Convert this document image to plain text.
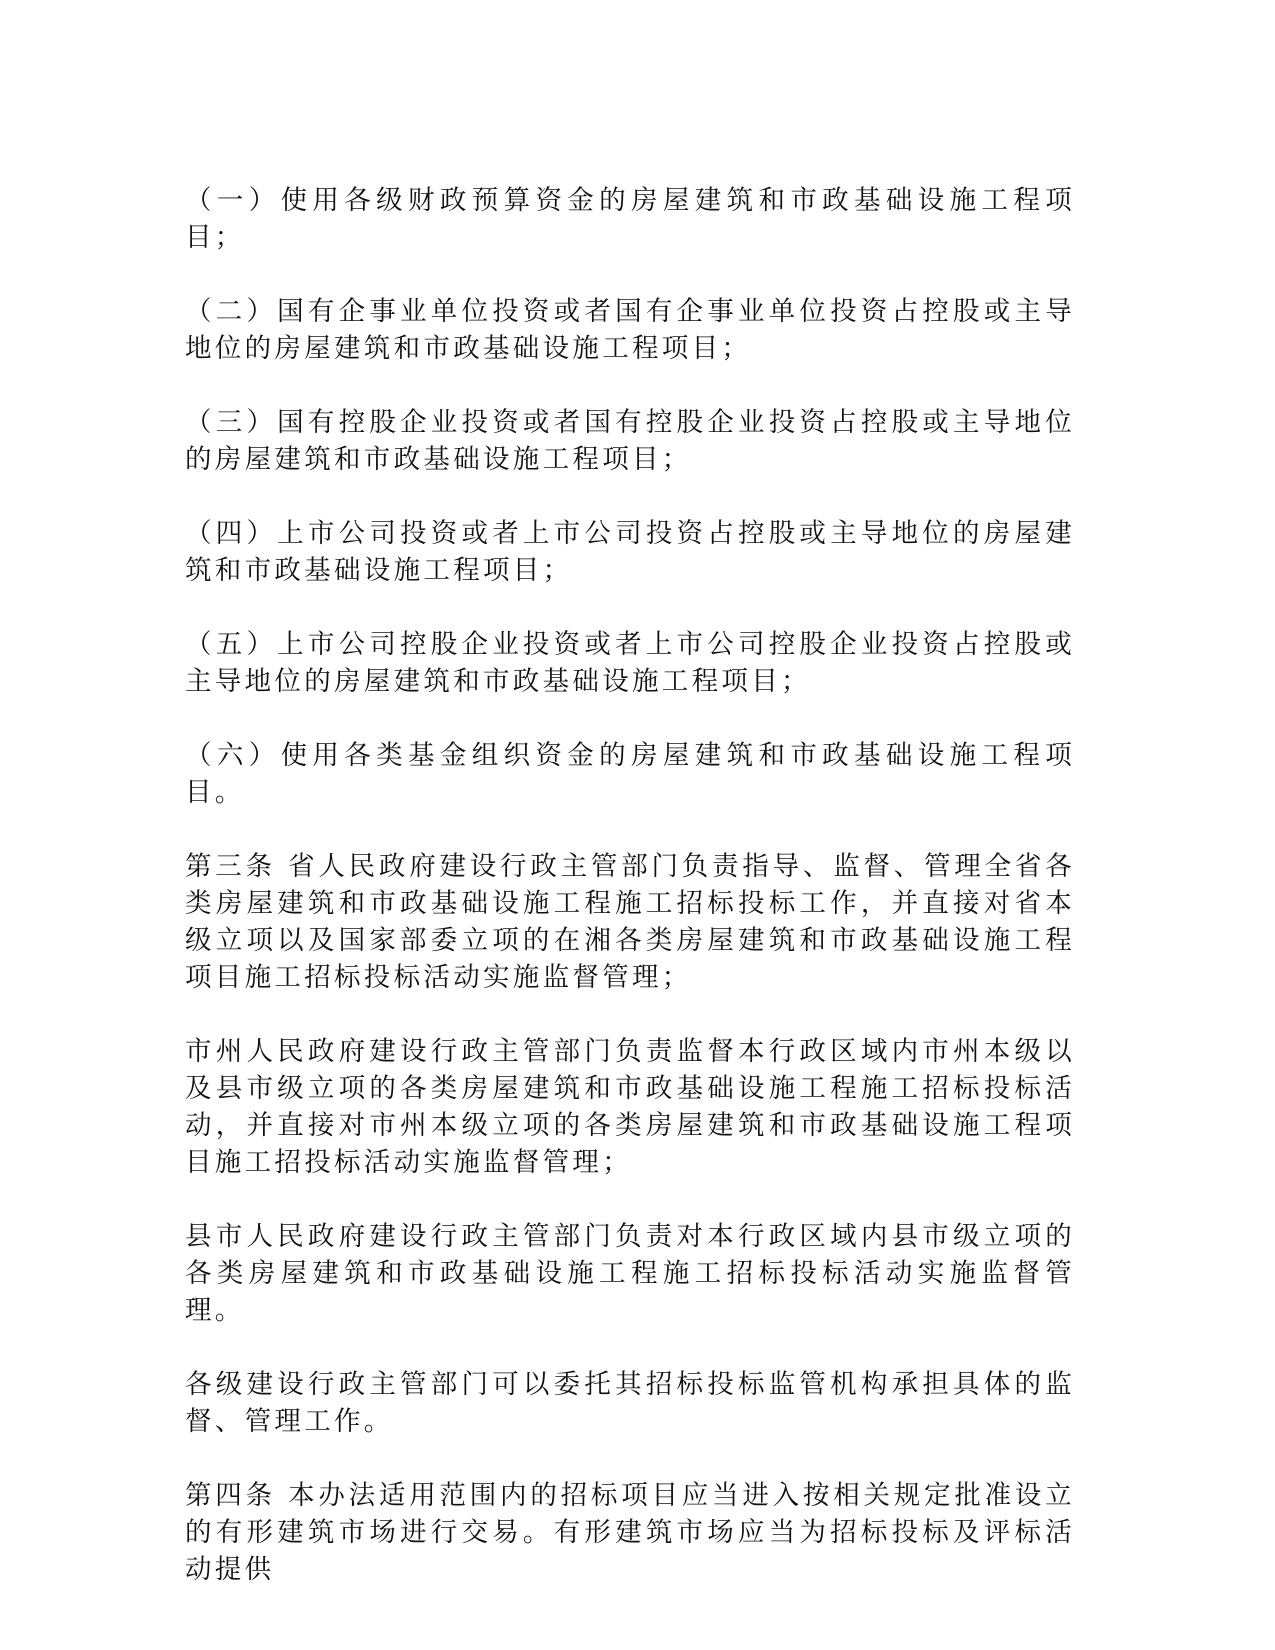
（一）使用各级财政预算资金的房屋建筑和市政基础设施工程项目；

（二）国有企事业单位投资或者国有企事业单位投资占控股或主导地位的房屋建筑和市政基础设施工程项目；

（三）国有控股企业投资或者国有控股企业投资占控股或主导地位的房屋建筑和市政基础设施工程项目；

（四）上市公司投资或者上市公司投资占控股或主导地位的房屋建筑和市政基础设施工程项目；

（五）上市公司控股企业投资或者上市公司控股企业投资占控股或主导地位的房屋建筑和市政基础设施工程项目；

（六）使用各类基金组织资金的房屋建筑和市政基础设施工程项目。

第三条 省人民政府建设行政主管部门负责指导、监督、管理全省各类房屋建筑和市政基础设施工程施工招标投标工作，并直接对省本级立项以及国家部委立项的在湘各类房屋建筑和市政基础设施工程项目施工招标投标活动实施监督管理；

市州人民政府建设行政主管部门负责监督本行政区域内市州本级以及县市级立项的各类房屋建筑和市政基础设施工程施工招标投标活动，并直接对市州本级立项的各类房屋建筑和市政基础设施工程项目施工招投标活动实施监督管理；

县市人民政府建设行政主管部门负责对本行政区域内县市级立项的各类房屋建筑和市政基础设施工程施工招标投标活动实施监督管理。

各级建设行政主管部门可以委托其招标投标监管机构承担具体的监督、管理工作。

第四条 本办法适用范围内的招标项目应当进入按相关规定批准设立的有形建筑市场进行交易。有形建筑市场应当为招标投标及评标活动提供
